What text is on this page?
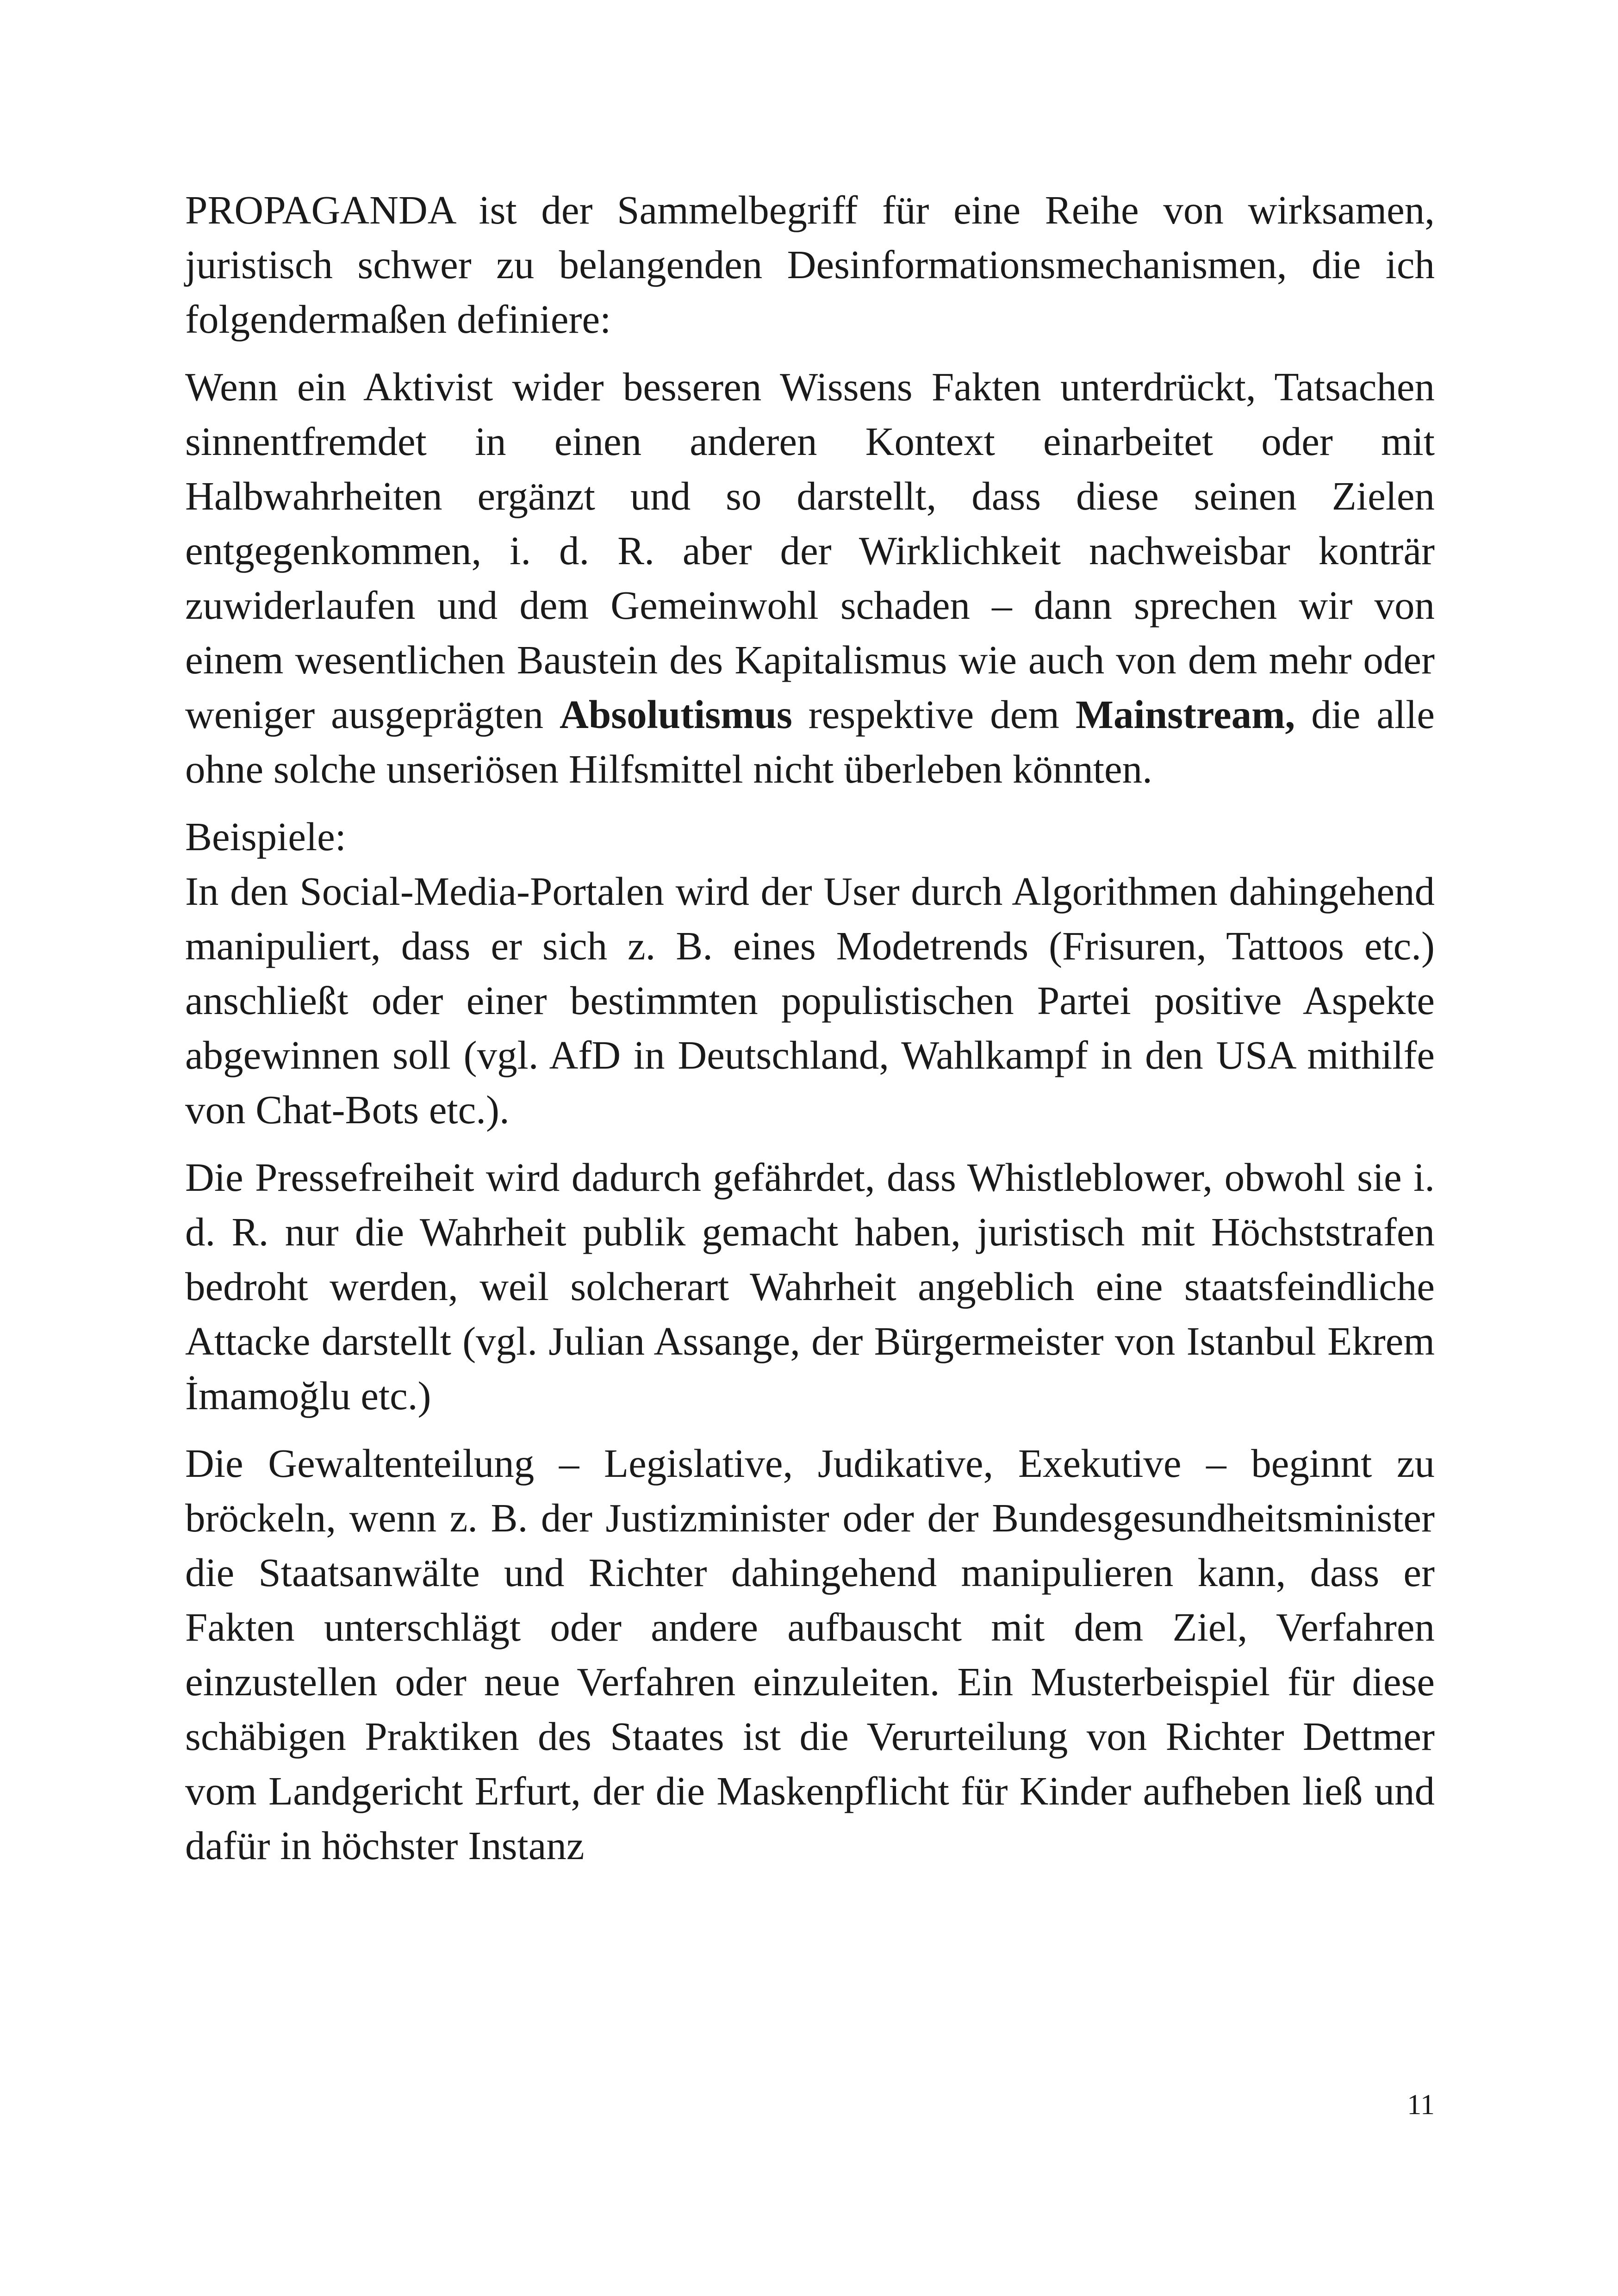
PROPAGANDA ist der Sammelbegriff für eine Reihe von wirksamen, juristisch schwer zu belangenden Desinformationsmechanismen, die ich folgendermaßen definiere:

Wenn ein Aktivist wider besseren Wissens Fakten unterdrückt, Tatsachen sinnentfremdet in einen anderen Kontext einarbeitet oder mit Halbwahrheiten ergänzt und so darstellt, dass diese seinen Zielen entgegenkommen, i. d. R. aber der Wirklichkeit nachweisbar konträr zuwiderlaufen und dem Gemeinwohl schaden – dann sprechen wir von einem wesentlichen Baustein des Kapitalismus wie auch von dem mehr oder weniger ausgeprägten Absolutismus respektive dem Mainstream, die alle ohne solche unseriösen Hilfsmittel nicht überleben könnten.

Beispiele:

In den Social-Media-Portalen wird der User durch Algorithmen dahingehend manipuliert, dass er sich z. B. eines Modetrends (Frisuren, Tattoos etc.) anschließt oder einer bestimmten populistischen Partei positive Aspekte abgewinnen soll (vgl. AfD in Deutschland, Wahlkampf in den USA mithilfe von Chat-Bots etc.).

Die Pressefreiheit wird dadurch gefährdet, dass Whistleblower, obwohl sie i. d. R. nur die Wahrheit publik gemacht haben, juristisch mit Höchststrafen bedroht werden, weil solcherart Wahrheit angeblich eine staatsfeindliche Attacke darstellt (vgl. Julian Assange, der Bürgermeister von Istanbul Ekrem İmamoğlu etc.)

Die Gewaltenteilung – Legislative, Judikative, Exekutive – beginnt zu bröckeln, wenn z. B. der Justizminister oder der Bundesgesundheitsminister die Staatsanwälte und Richter dahingehend manipulieren kann, dass er Fakten unterschlägt oder andere aufbauscht mit dem Ziel, Verfahren einzustellen oder neue Verfahren einzuleiten. Ein Musterbeispiel für diese schäbigen Praktiken des Staates ist die Verurteilung von Richter Dettmer vom Landgericht Erfurt, der die Maskenpflicht für Kinder aufheben ließ und dafür in höchster Instanz

11
